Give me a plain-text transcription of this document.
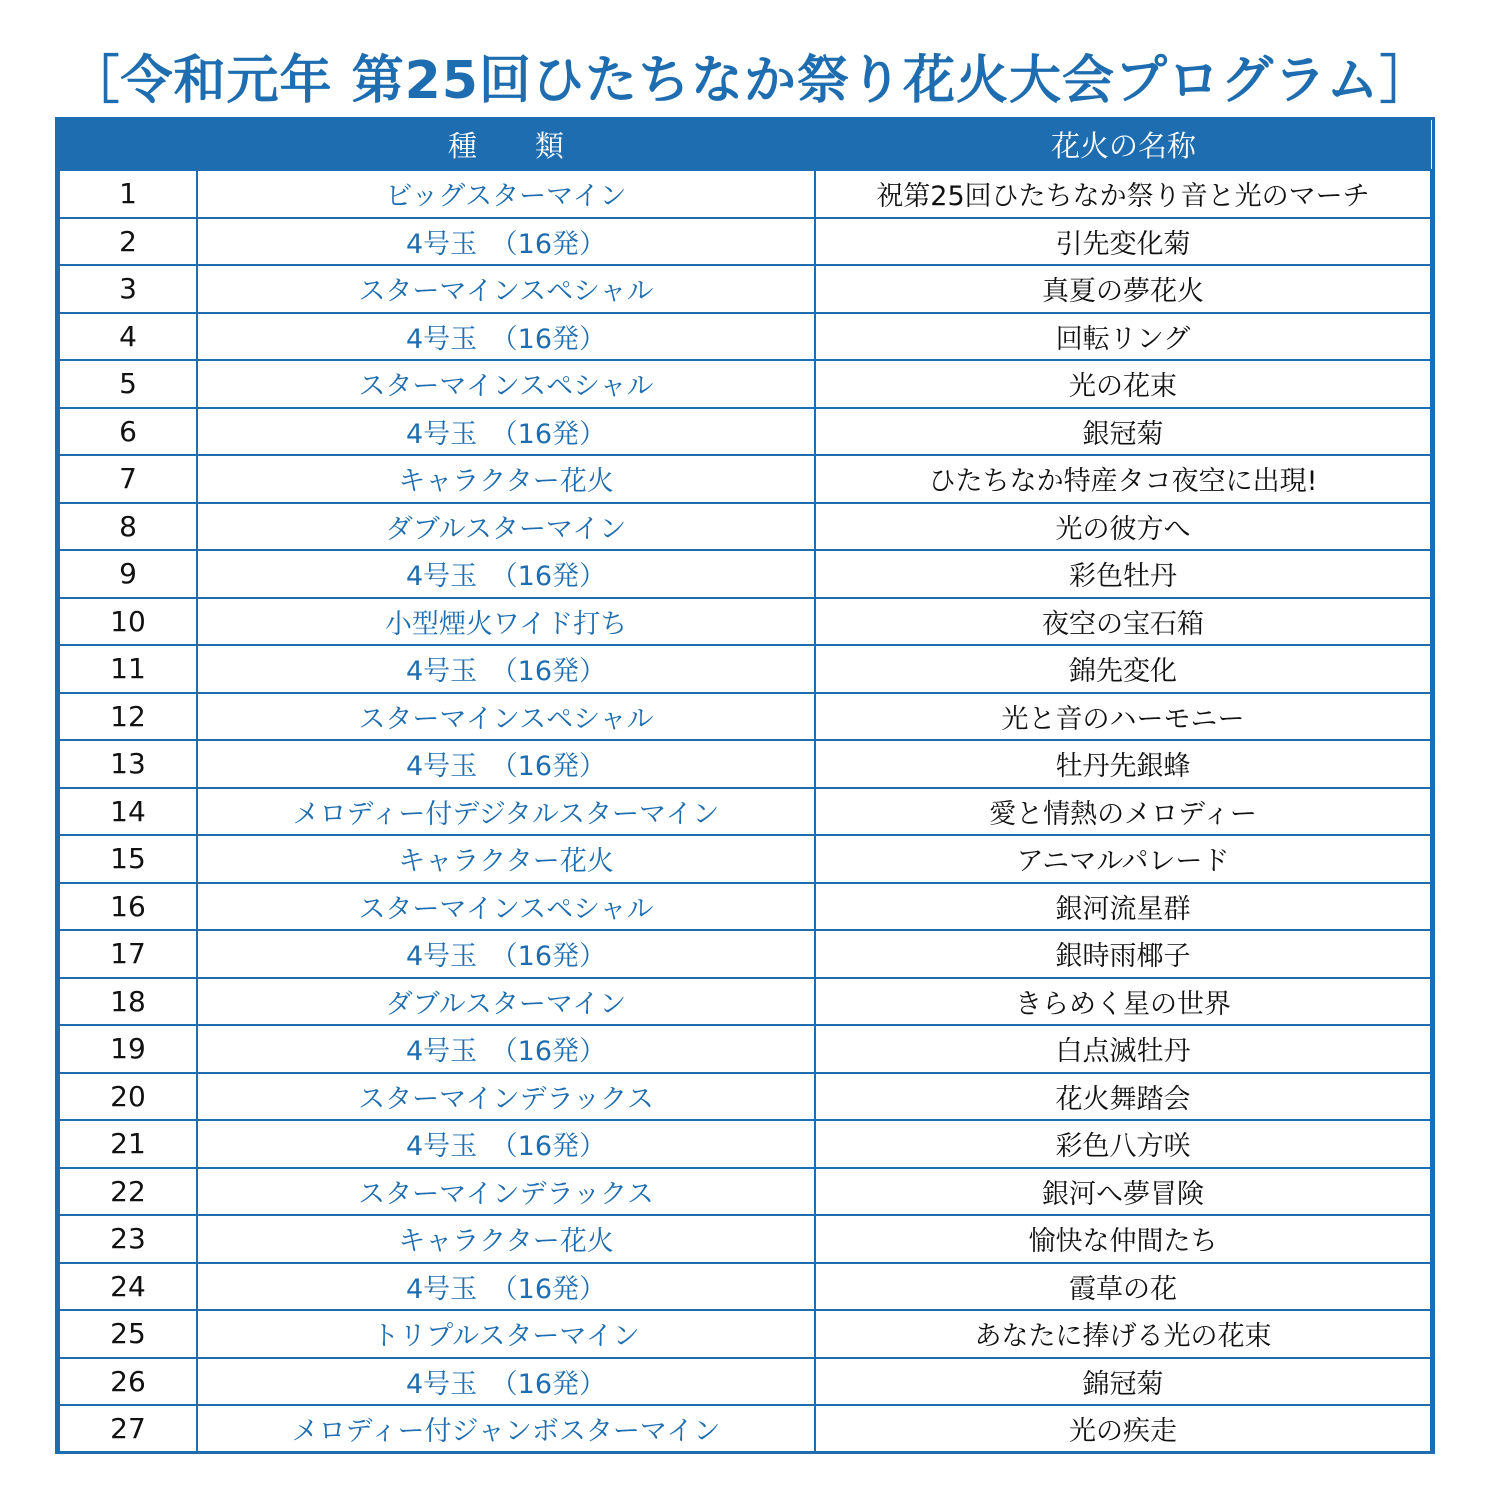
［令和元年 第25回ひたちなか祭り花火大会プログラム］
	種　　類	花火の名称
1	ビッグスターマイン	祝第25回ひたちなか祭り音と光のマーチ
2	4号玉　（16発）	引先変化菊
3	スターマインスペシャル	真夏の夢花火
4	4号玉　（16発）	回転リング
5	スターマインスペシャル	光の花束
6	4号玉　（16発）	銀冠菊
7	キャラクター花火	ひたちなか特産タコ夜空に出現!
8	ダブルスターマイン	光の彼方へ
9	4号玉　（16発）	彩色牡丹
10	小型煙火ワイド打ち	夜空の宝石箱
11	4号玉　（16発）	錦先変化
12	スターマインスペシャル	光と音のハーモニー
13	4号玉　（16発）	牡丹先銀蜂
14	メロディー付デジタルスターマイン	愛と情熱のメロディー
15	キャラクター花火	アニマルパレード
16	スターマインスペシャル	銀河流星群
17	4号玉　（16発）	銀時雨椰子
18	ダブルスターマイン	きらめく星の世界
19	4号玉　（16発）	白点滅牡丹
20	スターマインデラックス	花火舞踏会
21	4号玉　（16発）	彩色八方咲
22	スターマインデラックス	銀河へ夢冒険
23	キャラクター花火	愉快な仲間たち
24	4号玉　（16発）	霞草の花
25	トリプルスターマイン	あなたに捧げる光の花束
26	4号玉　（16発）	錦冠菊
27	メロディー付ジャンボスターマイン	光の疾走
